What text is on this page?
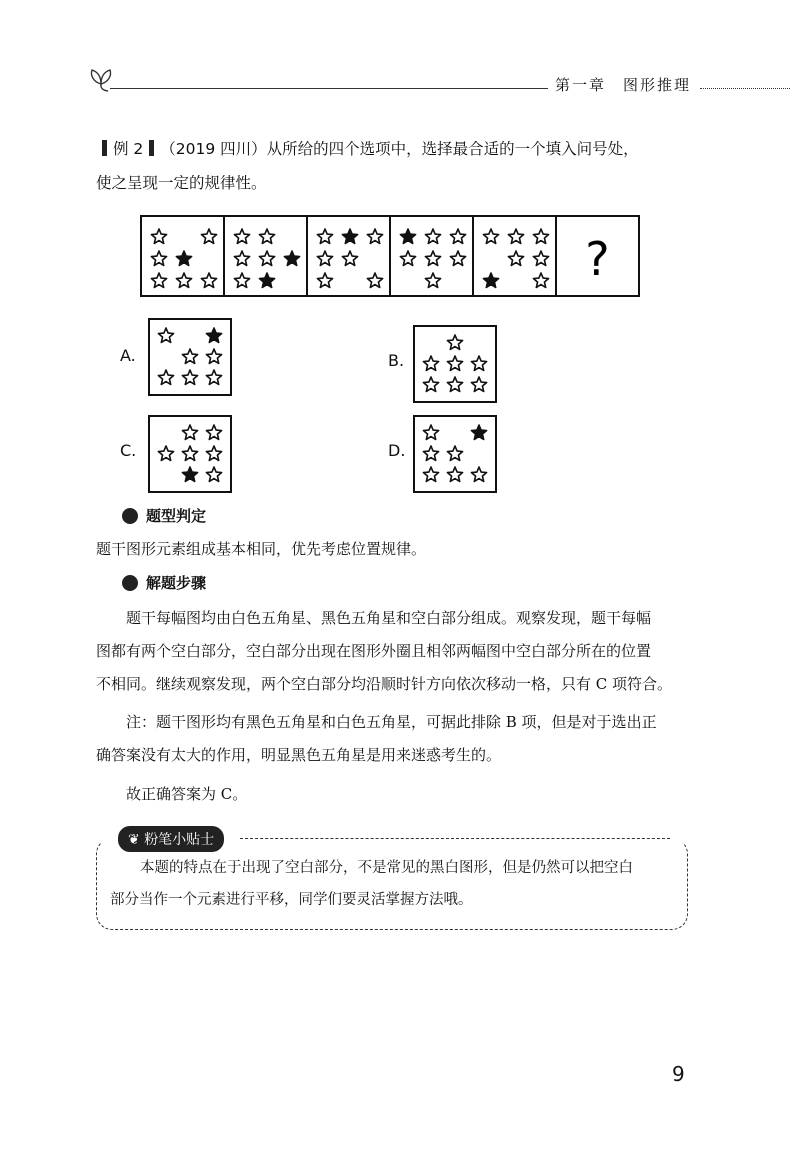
第一章　图形推理
例 2 （2019 四川）从所给的四个选项中，选择最合适的一个填入问号处，
使之呈现一定的规律性。
?
A.	B.
C.	D.
题型判定
题干图形元素组成基本相同，优先考虑位置规律。
解题步骤
题干每幅图均由白色五角星、黑色五角星和空白部分组成。观察发现，题干每幅
图都有两个空白部分，空白部分出现在图形外圈且相邻两幅图中空白部分所在的位置
不相同。继续观察发现，两个空白部分均沿顺时针方向依次移动一格，只有 C 项符合。
注：题干图形均有黑色五角星和白色五角星，可据此排除 B 项，但是对于选出正
确答案没有太大的作用，明显黑色五角星是用来迷惑考生的。
故正确答案为 C。
❦ 粉笔小贴士
本题的特点在于出现了空白部分，不是常见的黑白图形，但是仍然可以把空白
部分当作一个元素进行平移，同学们要灵活掌握方法哦。
9
